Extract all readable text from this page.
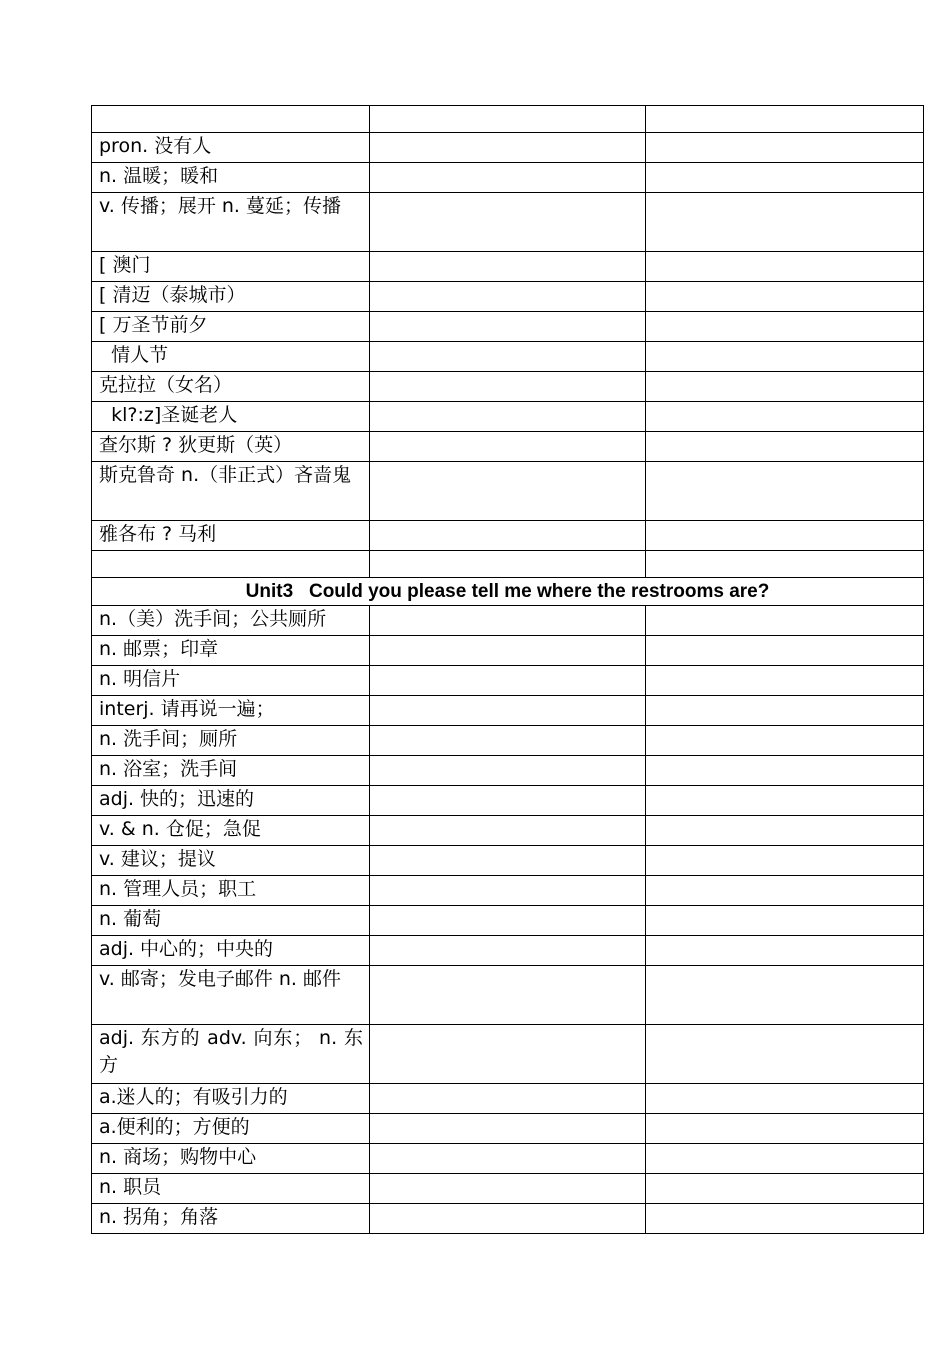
pron. 没有人		
n. 温暖；暖和		
v. 传播；展开 n. 蔓延；传播		
[ 澳门		
[ 清迈（泰城市）		
[ 万圣节前夕		
情人节		
克拉拉（女名）		
kl?:z]圣诞老人		
查尔斯 ? 狄更斯（英）		
斯克鲁奇 n.（非正式）吝啬鬼		
雅各布 ? 马利		

Unit3   Could you please tell me where the restrooms are?		
n.（美）洗手间；公共厕所		
n. 邮票；印章		
n. 明信片		
interj. 请再说一遍；		
n. 洗手间；厕所		
n. 浴室；洗手间		
adj. 快的；迅速的		
v. & n. 仓促；急促		
v. 建议；提议		
n. 管理人员；职工		
n. 葡萄		
adj. 中心的；中央的		
v. 邮寄；发电子邮件 n. 邮件		
adj. 东方的 adv. 向东； n. 东方		
a.迷人的；有吸引力的		
a.便利的；方便的		
n. 商场；购物中心		
n. 职员		
n. 拐角；角落		
